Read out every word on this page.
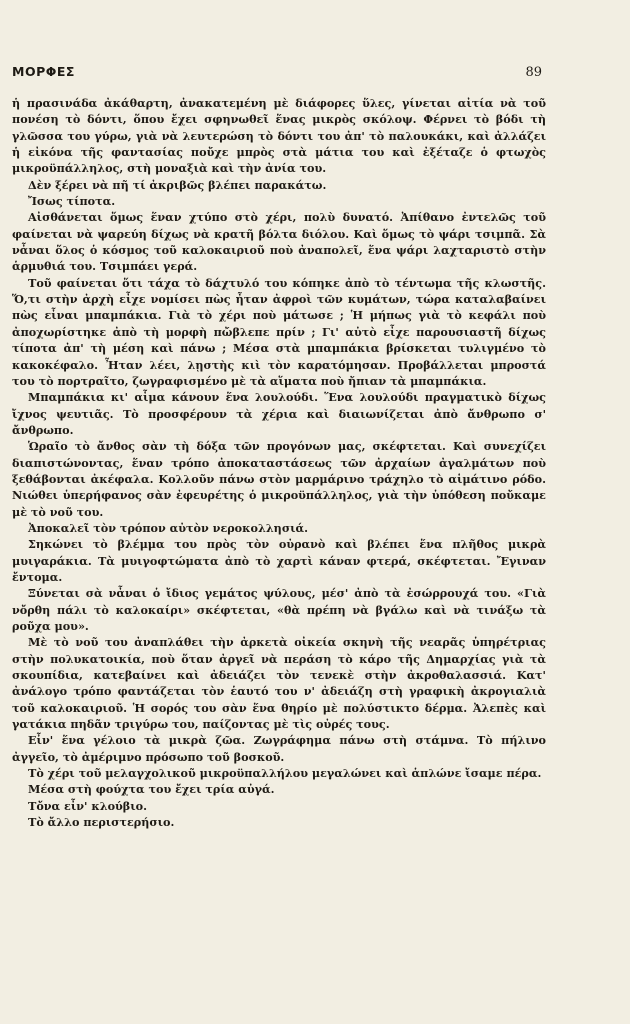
ΜΟΡΦΕΣ	89

ἡ πρασινάδα ἀκάθαρτη, ἀνακατεμένη μὲ διάφορες ὕλες, γίνεται αἰτία νὰ τοῦ πονέση τὸ δόντι, ὅπου ἔχει σφηνωθεῖ ἕνας μικρὸς σκόλοψ. Φέρνει τὸ βόδι τὴ γλῶσσα του γύρω, γιὰ νὰ λευτερώση τὸ δόντι του ἀπ' τὸ παλουκάκι, καὶ ἀλλάζει ἡ εἰκόνα τῆς φαντασίας ποὔχε μπρὸς στὰ μάτια του καὶ ἐξέταζε ὁ φτωχὸς μικροϋπάλληλος, στὴ μοναξιὰ καὶ τὴν ἀνία του.

Δὲν ξέρει νὰ πῆ τί ἀκριβῶς βλέπει παρακάτω.

Ἴσως τίποτα.

Αἰσθάνεται ὅμως ἕναν χτύπο στὸ χέρι, πολὺ δυνατό. Ἀπίθανο ἐντελῶς τοῦ φαίνεται νὰ ψαρεύη δίχως νὰ κρατῆ βόλτα διόλου. Καὶ ὅμως τὸ ψάρι τσιμπᾶ. Σὰ νἆναι ὅλος ὁ κόσμος τοῦ καλοκαιριοῦ ποὺ ἀναπολεῖ, ἕνα ψάρι λαχταριστὸ στὴν ἁρμυθιά του. Τσιμπάει γερά.

Τοῦ φαίνεται ὅτι τάχα τὸ δάχτυλό του κόπηκε ἀπὸ τὸ τέντωμα τῆς κλωστῆς. Ὅ,τι στὴν ἀρχὴ εἶχε νομίσει πὼς ἦταν ἀφροὶ τῶν κυμάτων, τώρα καταλαβαίνει πὼς εἶναι μπαμπάκια. Γιὰ τὸ χέρι ποὺ μάτωσε ; Ἡ μήπως γιὰ τὸ κεφάλι ποὺ ἀποχωρίστηκε ἀπὸ τὴ μορφὴ πὤβλεπε πρίν ; Γι' αὐτὸ εἶχε παρουσιαστῆ δίχως τίποτα ἀπ' τὴ μέση καὶ πάνω ; Μέσα στὰ μπαμπάκια βρίσκεται τυλιγμένο τὸ κακοκέφαλο. Ἦταν λέει, λῃστὴς κιὶ τὸν καρατόμησαν. Προβάλλεται μπροστά του τὸ πορτραῖτο, ζωγραφισμένο μὲ τὰ αἵματα ποὺ ἤπιαν τὰ μπαμπάκια.

Μπαμπάκια κι' αἷμα κάνουν ἕνα λουλούδι. Ἕνα λουλούδι πραγματικὸ δίχως ἴχνος ψευτιᾶς. Τὸ προσφέρουν τὰ χέρια καὶ διαιωνίζεται ἀπὸ ἄνθρωπο σ' ἄνθρωπο.

Ὡραῖο τὸ ἄνθος σὰν τὴ δόξα τῶν προγόνων μας, σκέφτεται. Καὶ συνεχίζει διαπιστώνοντας, ἕναν τρόπο ἀποκαταστάσεως τῶν ἀρχαίων ἀγαλμάτων ποὺ ξεθάβονται ἀκέφαλα. Κολλοῦν πάνω στὸν μαρμάρινο τράχηλο τὸ αἱμάτινο ρόδο. Νιώθει ὑπερήφανος σὰν ἐφευρέτης ὁ μικροϋπάλληλος, γιὰ τὴν ὑπόθεση ποὔκαμε μὲ τὸ νοῦ του.

Ἀποκαλεῖ τὸν τρόπον αὐτὸν νεροκολλησιά.

Σηκώνει τὸ βλέμμα του πρὸς τὸν οὐρανὸ καὶ βλέπει ἕνα πλῆθος μικρὰ μυιγαράκια. Τὰ μυιγοφτώματα ἀπὸ τὸ χαρτὶ κάναν φτερά, σκέφτεται. Ἔγιναν ἔντομα.

Ξύνεται σὰ νἆναι ὁ ἴδιος γεμάτος ψύλους, μέσ' ἀπὸ τὰ ἐσώρρουχά του. «Γιὰ νὄρθη πάλι τὸ καλοκαίρι» σκέφτεται, «θὰ πρέπη νὰ βγάλω καὶ νὰ τινάξω τὰ ροῦχα μου».

Μὲ τὸ νοῦ του ἀναπλάθει τὴν ἀρκετὰ οἰκεία σκηνὴ τῆς νεαρᾶς ὑπηρέτριας στὴν πολυκατοικία, ποὺ ὅταν ἀργεῖ νὰ περάση τὸ κάρο τῆς Δημαρχίας γιὰ τὰ σκουπίδια, κατεβαίνει καὶ ἀδειάζει τὸν τενεκὲ στὴν ἀκροθαλασσιά. Κατ' ἀνάλογο τρόπο φαντάζεται τὸν ἑαυτό του ν' ἀδειάζη στὴ γραφικὴ ἀκρογιαλιὰ τοῦ καλοκαιριοῦ. Ἡ σορός του σὰν ἕνα θηρίο μὲ πολύστικτο δέρμα. Ἀλεπὲς καὶ γατάκια πηδᾶν τριγύρω του, παίζοντας μὲ τὶς οὐρές τους.

Εἶν' ἕνα γέλοιο τὰ μικρὰ ζῶα. Ζωγράφημα πάνω στὴ στάμνα. Τὸ πήλινο ἀγγεῖο, τὸ ἀμέριμνο πρόσωπο τοῦ βοσκοῦ.

Τὸ χέρι τοῦ μελαγχολικοῦ μικροϋπαλλήλου μεγαλώνει καὶ ἁπλώνε ἴσαμε πέρα.

Μέσα στὴ φούχτα του ἔχει τρία αὐγά.

Τὄνα εἶν' κλούβιο.

Τὸ ἄλλο περιστερήσιο.
